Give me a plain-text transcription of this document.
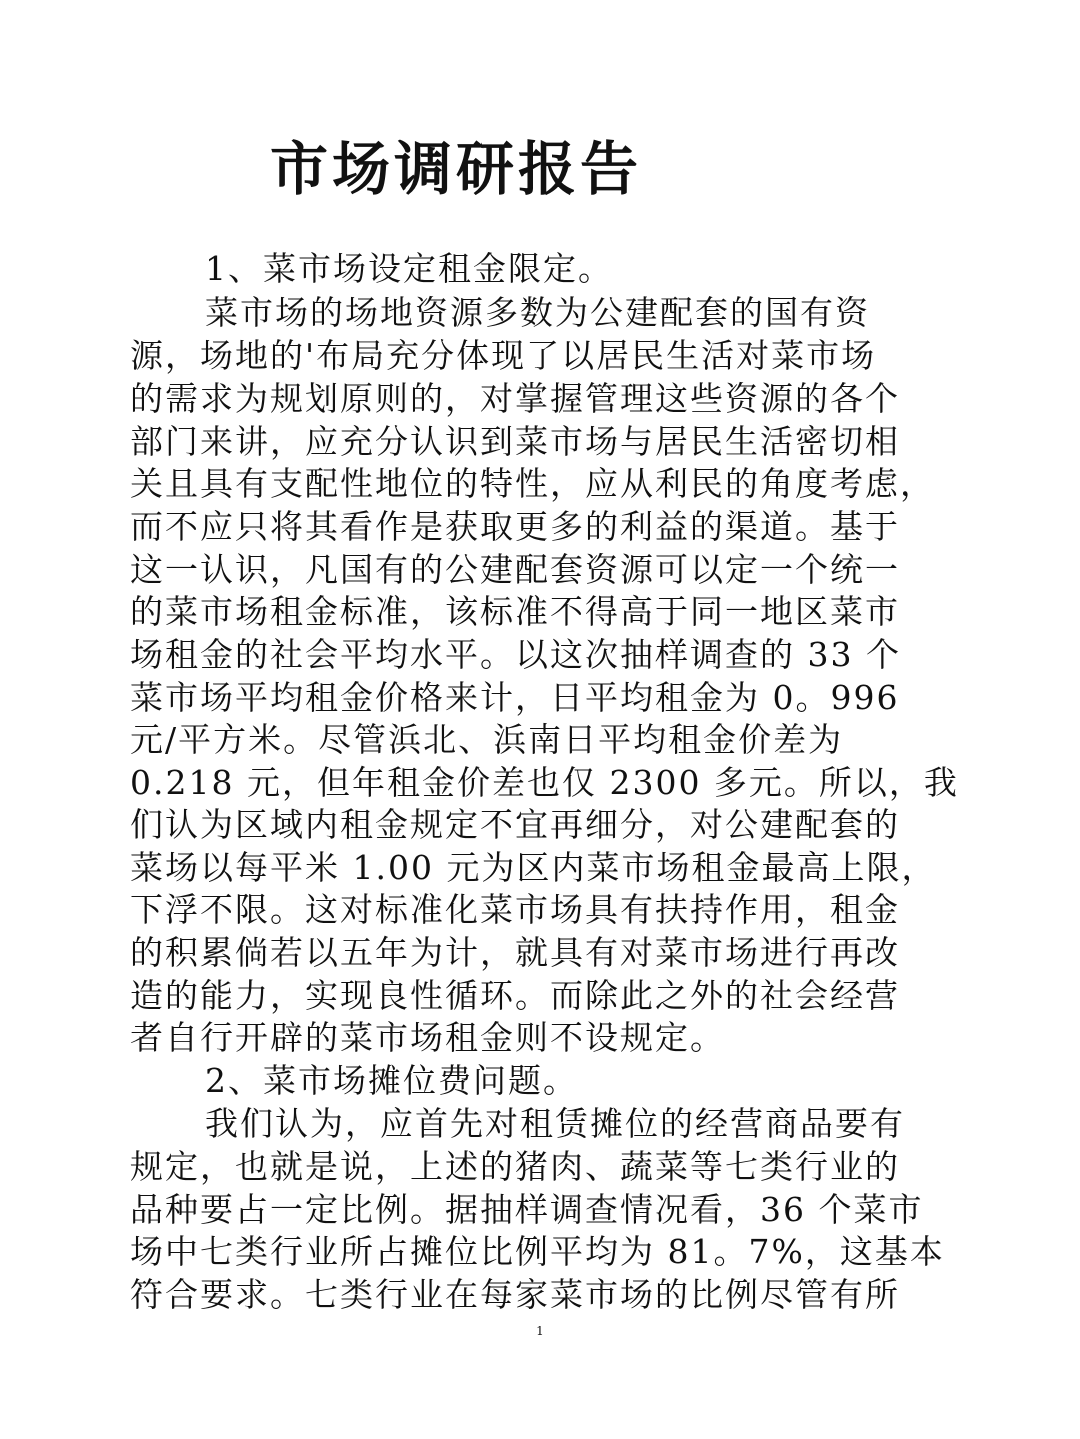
市场调研报告
1、菜市场设定租金限定。
菜市场的场地资源多数为公建配套的国有资
源，场地的'布局充分体现了以居民生活对菜市场
的需求为规划原则的，对掌握管理这些资源的各个
部门来讲，应充分认识到菜市场与居民生活密切相
关且具有支配性地位的特性，应从利民的角度考虑，
而不应只将其看作是获取更多的利益的渠道。基于
这一认识，凡国有的公建配套资源可以定一个统一
的菜市场租金标准，该标准不得高于同一地区菜市
场租金的社会平均水平。以这次抽样调查的 33 个
菜市场平均租金价格来计，日平均租金为 0。996
元/平方米。尽管浜北、浜南日平均租金价差为
0.218 元，但年租金价差也仅 2300 多元。所以，我
们认为区域内租金规定不宜再细分，对公建配套的
菜场以每平米 1.00 元为区内菜市场租金最高上限，
下浮不限。这对标准化菜市场具有扶持作用，租金
的积累倘若以五年为计，就具有对菜市场进行再改
造的能力，实现良性循环。而除此之外的社会经营
者自行开辟的菜市场租金则不设规定。
2、菜市场摊位费问题。
我们认为，应首先对租赁摊位的经营商品要有
规定，也就是说，上述的猪肉、蔬菜等七类行业的
品种要占一定比例。据抽样调查情况看，36 个菜市
场中七类行业所占摊位比例平均为 81。7%，这基本
符合要求。七类行业在每家菜市场的比例尽管有所
1
